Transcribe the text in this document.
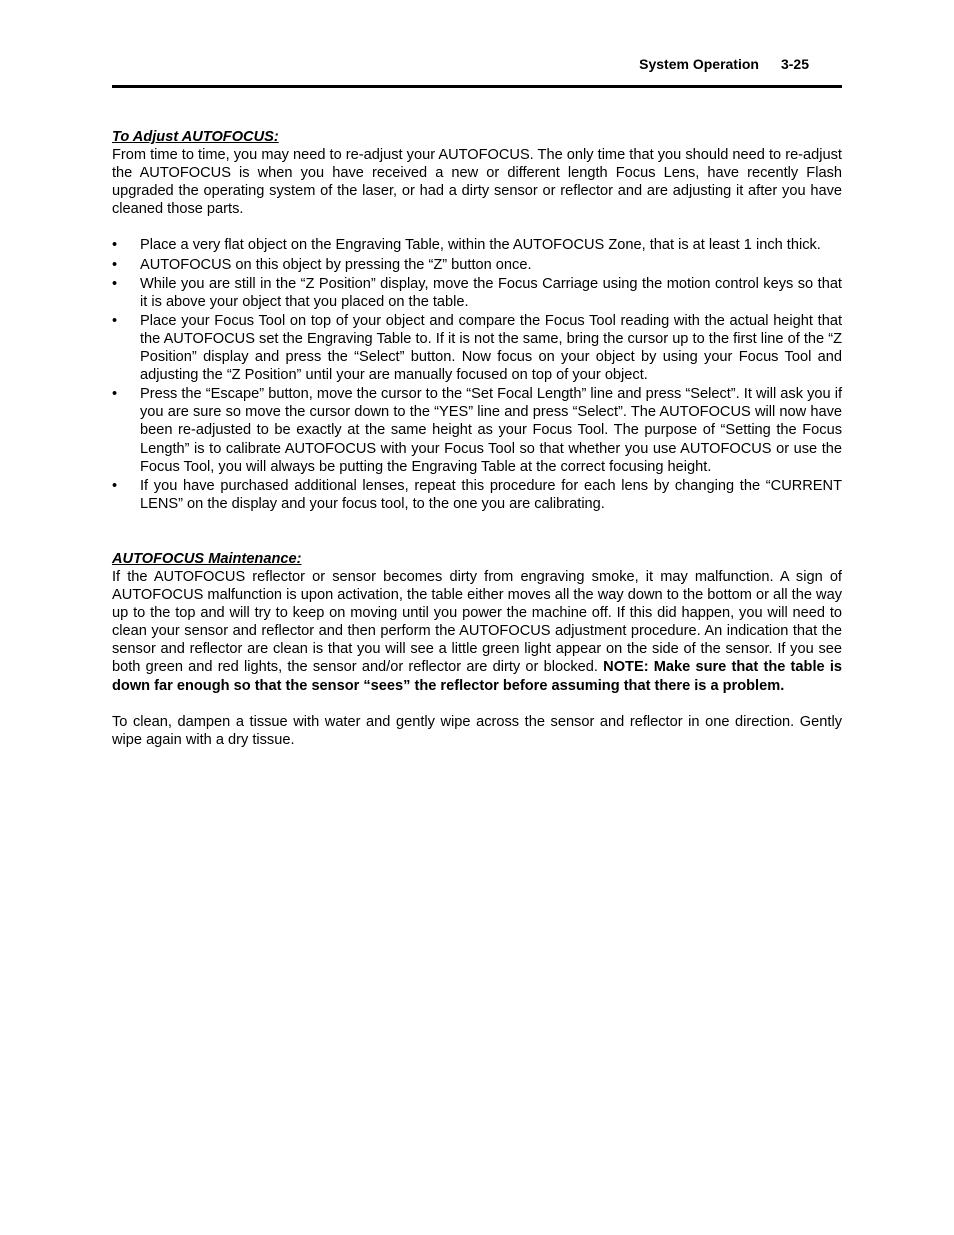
System Operation 3-25

To Adjust AUTOFOCUS:

From time to time, you may need to re-adjust your AUTOFOCUS. The only time that you should need to re-adjust the AUTOFOCUS is when you have received a new or different length Focus Lens, have recently Flash upgraded the operating system of the laser, or had a dirty sensor or reflector and are adjusting it after you have cleaned those parts.

• Place a very flat object on the Engraving Table, within the AUTOFOCUS Zone, that is at least 1 inch thick.
• AUTOFOCUS on this object by pressing the “Z” button once.
• While you are still in the “Z Position” display, move the Focus Carriage using the motion control keys so that it is above your object that you placed on the table.
• Place your Focus Tool on top of your object and compare the Focus Tool reading with the actual height that the AUTOFOCUS set the Engraving Table to. If it is not the same, bring the cursor up to the first line of the “Z Position” display and press the “Select” button. Now focus on your object by using your Focus Tool and adjusting the “Z Position” until your are manually focused on top of your object.
• Press the “Escape” button, move the cursor to the “Set Focal Length” line and press “Select”. It will ask you if you are sure so move the cursor down to the “YES” line and press “Select”. The AUTOFOCUS will now have been re-adjusted to be exactly at the same height as your Focus Tool. The purpose of “Setting the Focus Length” is to calibrate AUTOFOCUS with your Focus Tool so that whether you use AUTOFOCUS or use the Focus Tool, you will always be putting the Engraving Table at the correct focusing height.
• If you have purchased additional lenses, repeat this procedure for each lens by changing the “CURRENT LENS” on the display and your focus tool, to the one you are calibrating.

AUTOFOCUS Maintenance:

If the AUTOFOCUS reflector or sensor becomes dirty from engraving smoke, it may malfunction. A sign of AUTOFOCUS malfunction is upon activation, the table either moves all the way down to the bottom or all the way up to the top and will try to keep on moving until you power the machine off. If this did happen, you will need to clean your sensor and reflector and then perform the AUTOFOCUS adjustment procedure. An indication that the sensor and reflector are clean is that you will see a little green light appear on the side of the sensor. If you see both green and red lights, the sensor and/or reflector are dirty or blocked. NOTE: Make sure that the table is down far enough so that the sensor “sees” the reflector before assuming that there is a problem.

To clean, dampen a tissue with water and gently wipe across the sensor and reflector in one direction. Gently wipe again with a dry tissue.
